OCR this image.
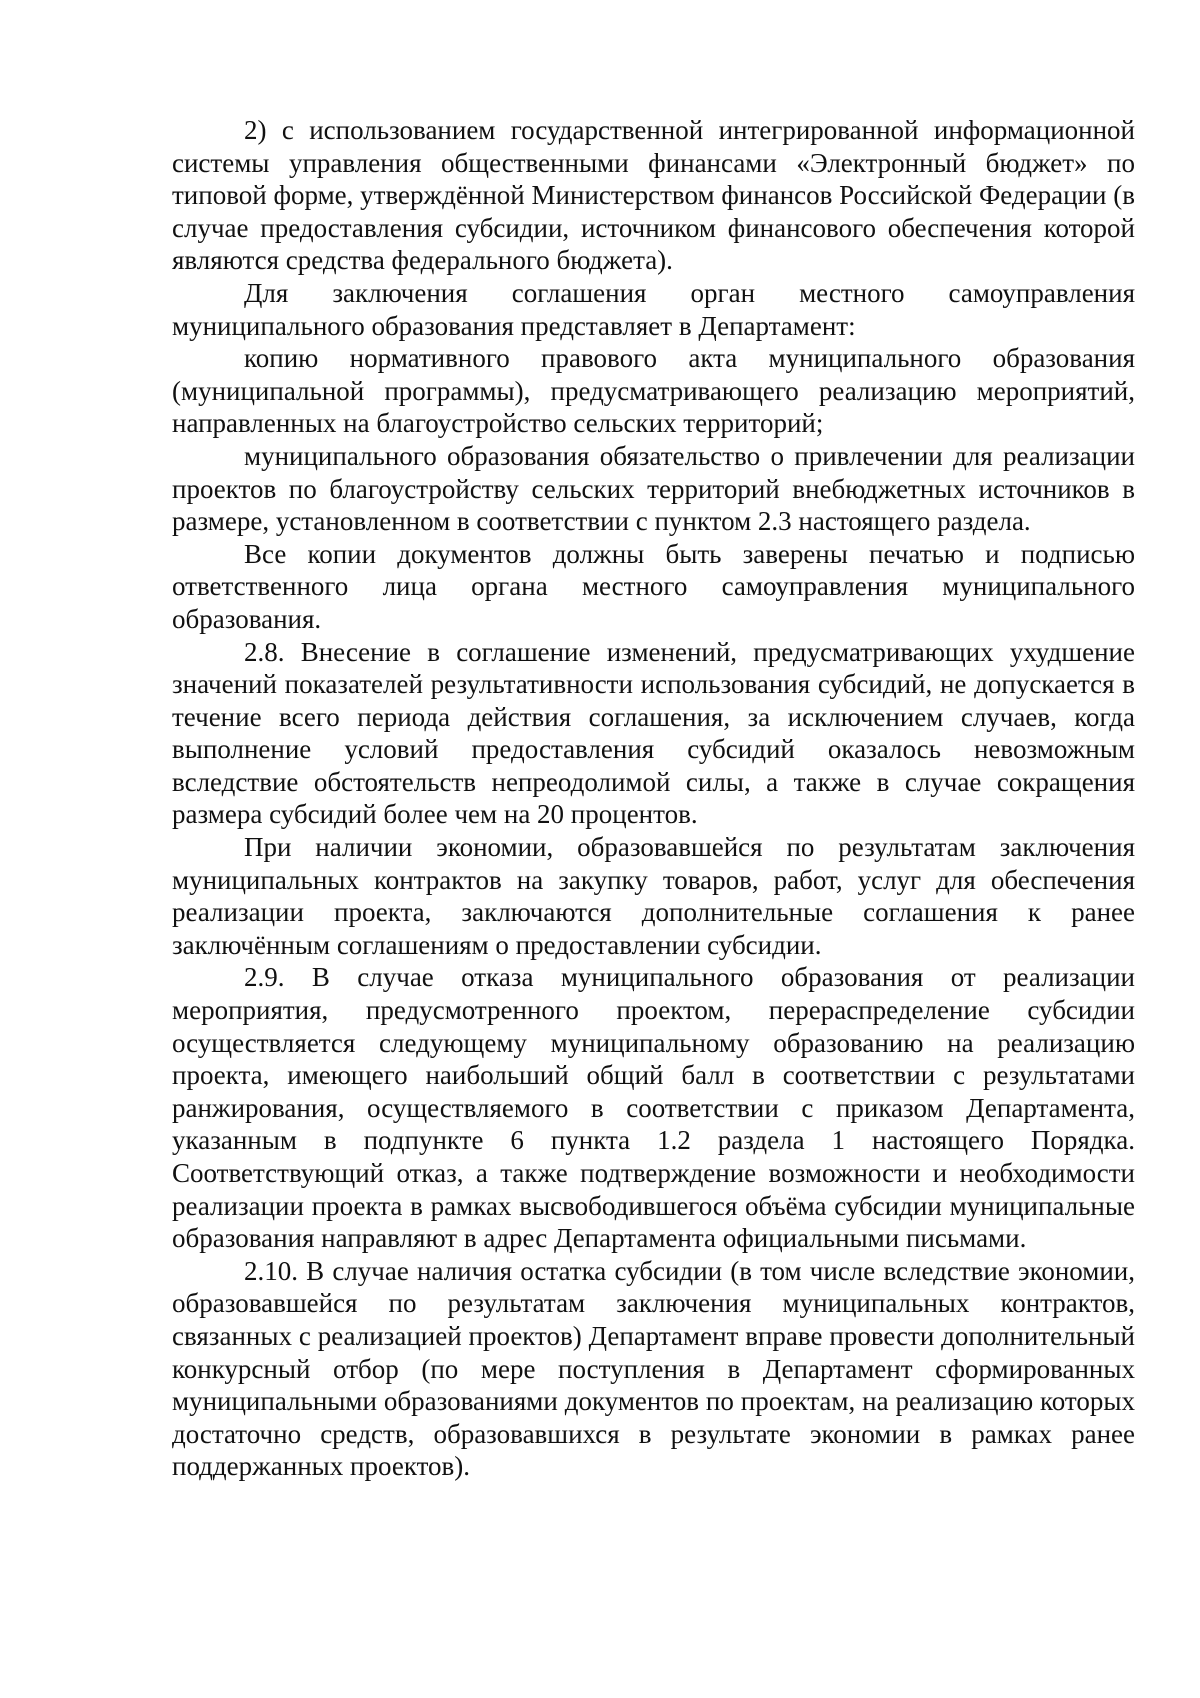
2) с использованием государственной интегрированной информационной системы управления общественными финансами «Электронный бюджет» по типовой форме, утверждённой Министерством финансов Российской Федерации (в случае предоставления субсидии, источником финансового обеспечения которой являются средства федерального бюджета).

Для заключения соглашения орган местного самоуправления муниципального образования представляет в Департамент:

копию нормативного правового акта муниципального образования (муниципальной программы), предусматривающего реализацию мероприятий, направленных на благоустройство сельских территорий;

муниципального образования обязательство о привлечении для реализации проектов по благоустройству сельских территорий внебюджетных источников в размере, установленном в соответствии с пунктом 2.3 настоящего раздела.

Все копии документов должны быть заверены печатью и подписью ответственного лица органа местного самоуправления муниципального образования.

2.8. Внесение в соглашение изменений, предусматривающих ухудшение значений показателей результативности использования субсидий, не допускается в течение всего периода действия соглашения, за исключением случаев, когда выполнение условий предоставления субсидий оказалось невозможным вследствие обстоятельств непреодолимой силы, а также в случае сокращения размера субсидий более чем на 20 процентов.

При наличии экономии, образовавшейся по результатам заключения муниципальных контрактов на закупку товаров, работ, услуг для обеспечения реализации проекта, заключаются дополнительные соглашения к ранее заключённым соглашениям о предоставлении субсидии.

2.9. В случае отказа муниципального образования от реализации мероприятия, предусмотренного проектом, перераспределение субсидии осуществляется следующему муниципальному образованию на реализацию проекта, имеющего наибольший общий балл в соответствии с результатами ранжирования, осуществляемого в соответствии с приказом Департамента, указанным в подпункте 6 пункта 1.2 раздела 1 настоящего Порядка. Соответствующий отказ, а также подтверждение возможности и необходимости реализации проекта в рамках высвободившегося объёма субсидии муниципальные образования направляют в адрес Департамента официальными письмами.

2.10. В случае наличия остатка субсидии (в том числе вследствие экономии, образовавшейся по результатам заключения муниципальных контрактов, связанных с реализацией проектов) Департамент вправе провести дополнительный конкурсный отбор (по мере поступления в Департамент сформированных муниципальными образованиями документов по проектам, на реализацию которых достаточно средств, образовавшихся в результате экономии в рамках ранее поддержанных проектов).
